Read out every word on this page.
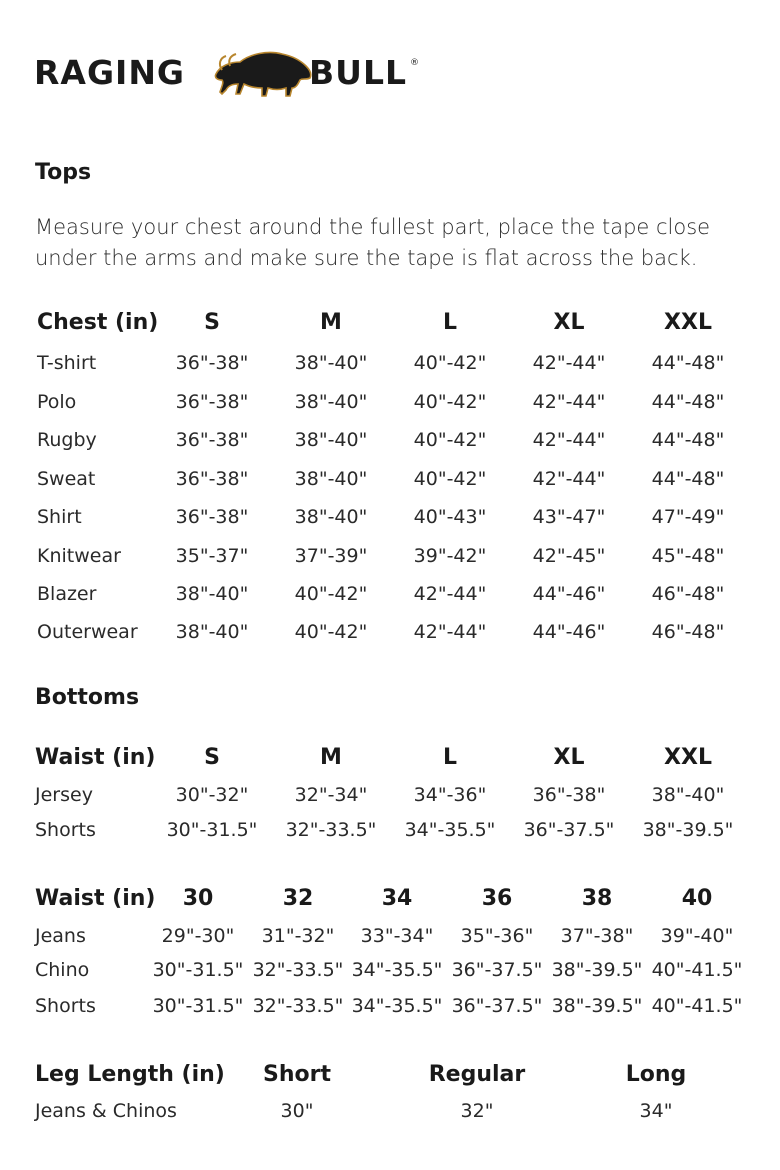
RAGING	BULL ®
Tops
Measure your chest around the fullest part, place the tape close
under the arms and make sure the tape is flat across the back.
Chest (in) S	M	L	XL	XXL
T-shirt	36"-38" 38"-40" 40"-42" 42"-44" 44"-48"
Polo	36"-38" 38"-40" 40"-42" 42"-44" 44"-48"
Rugby	36"-38" 38"-40" 40"-42" 42"-44" 44"-48"
Sweat	36"-38" 38"-40" 40"-42" 42"-44" 44"-48"
Shirt	36"-38" 38"-40" 40"-43" 43"-47" 47"-49"
Knitwear	35"-37" 37"-39" 39"-42" 42"-45" 45"-48"
Blazer	38"-40" 40"-42" 42"-44" 44"-46" 46"-48"
Outerwear 38"-40" 40"-42" 42"-44" 44"-46" 46"-48"
Bottoms
Waist (in) S	M	L	XL	XXL
Jersey	30"-32" 32"-34" 34"-36" 36"-38" 38"-40"
Shorts	30"-31.5" 32"-33.5" 34"-35.5" 36"-37.5" 38"-39.5"
Waist (in) 30	32	34	36	38	40
Jeans	29"-30" 31"-32" 33"-34" 35"-36" 37"-38" 39"-40"
Chino	30"-31.5" 32"-33.5" 34"-35.5" 36"-37.5" 38"-39.5" 40"-41.5"
Shorts	30"-31.5" 32"-33.5" 34"-35.5" 36"-37.5" 38"-39.5" 40"-41.5"
Leg Length (in) Short	Regular	Long
Jeans & Chinos	30"	32"	34"
